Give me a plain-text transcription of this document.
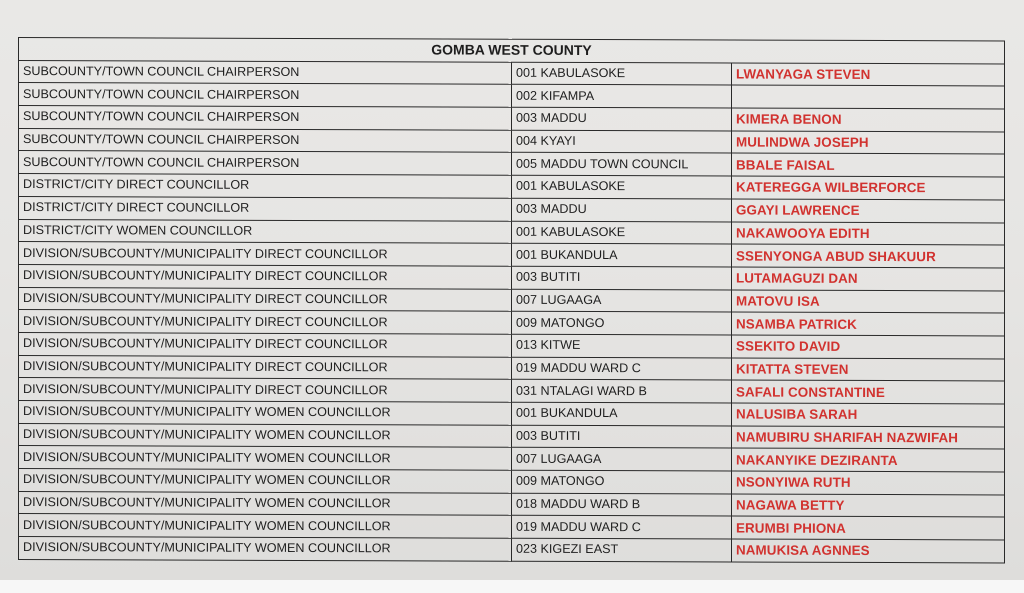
GOMBA WEST COUNTY		
SUBCOUNTY/TOWN COUNCIL CHAIRPERSON	001 KABULASOKE	LWANYAGA STEVEN
SUBCOUNTY/TOWN COUNCIL CHAIRPERSON	002 KIFAMPA	
SUBCOUNTY/TOWN COUNCIL CHAIRPERSON	003 MADDU	KIMERA BENON
SUBCOUNTY/TOWN COUNCIL CHAIRPERSON	004 KYAYI	MULINDWA JOSEPH
SUBCOUNTY/TOWN COUNCIL CHAIRPERSON	005 MADDU TOWN COUNCIL	BBALE FAISAL
DISTRICT/CITY DIRECT COUNCILLOR	001 KABULASOKE	KATEREGGA WILBERFORCE
DISTRICT/CITY DIRECT COUNCILLOR	003 MADDU	GGAYI LAWRENCE
DISTRICT/CITY WOMEN COUNCILLOR	001 KABULASOKE	NAKAWOOYA EDITH
DIVISION/SUBCOUNTY/MUNICIPALITY DIRECT COUNCILLOR	001 BUKANDULA	SSENYONGA ABUD SHAKUUR
DIVISION/SUBCOUNTY/MUNICIPALITY DIRECT COUNCILLOR	003 BUTITI	LUTAMAGUZI DAN
DIVISION/SUBCOUNTY/MUNICIPALITY DIRECT COUNCILLOR	007 LUGAAGA	MATOVU ISA
DIVISION/SUBCOUNTY/MUNICIPALITY DIRECT COUNCILLOR	009 MATONGO	NSAMBA PATRICK
DIVISION/SUBCOUNTY/MUNICIPALITY DIRECT COUNCILLOR	013 KITWE	SSEKITO DAVID
DIVISION/SUBCOUNTY/MUNICIPALITY DIRECT COUNCILLOR	019 MADDU WARD C	KITATTA STEVEN
DIVISION/SUBCOUNTY/MUNICIPALITY DIRECT COUNCILLOR	031 NTALAGI WARD B	SAFALI CONSTANTINE
DIVISION/SUBCOUNTY/MUNICIPALITY WOMEN COUNCILLOR	001 BUKANDULA	NALUSIBA SARAH
DIVISION/SUBCOUNTY/MUNICIPALITY WOMEN COUNCILLOR	003 BUTITI	NAMUBIRU SHARIFAH NAZWIFAH
DIVISION/SUBCOUNTY/MUNICIPALITY WOMEN COUNCILLOR	007 LUGAAGA	NAKANYIKE DEZIRANTA
DIVISION/SUBCOUNTY/MUNICIPALITY WOMEN COUNCILLOR	009 MATONGO	NSONYIWA RUTH
DIVISION/SUBCOUNTY/MUNICIPALITY WOMEN COUNCILLOR	018 MADDU WARD B	NAGAWA BETTY
DIVISION/SUBCOUNTY/MUNICIPALITY WOMEN COUNCILLOR	019 MADDU WARD C	ERUMBI PHIONA
DIVISION/SUBCOUNTY/MUNICIPALITY WOMEN COUNCILLOR	023 KIGEZI EAST	NAMUKISA AGNNES
